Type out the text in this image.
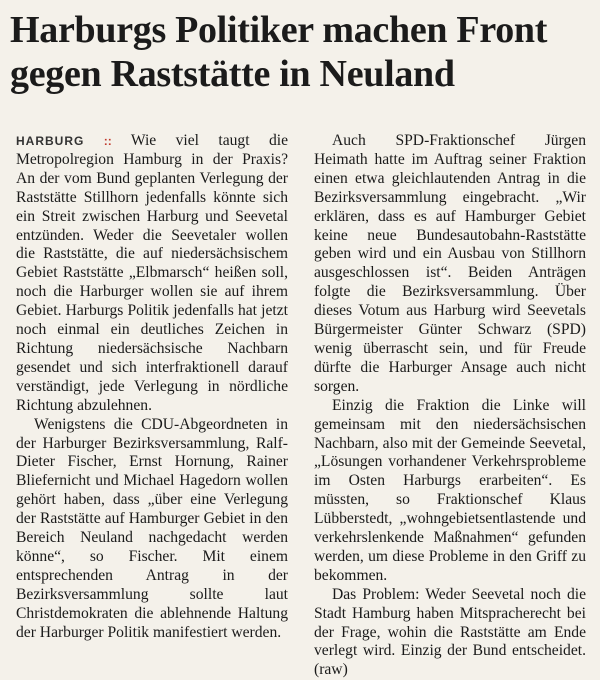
Harburgs Politiker machen Front
gegen Raststätte in Neuland

HARBURG :: Wie viel taugt die Metropolregion Hamburg in der Praxis? An der vom Bund geplanten Verlegung der Raststätte Stillhorn jedenfalls könnte sich ein Streit zwischen Harburg und Seevetal entzünden. Weder die Seevetaler wollen die Raststätte, die auf niedersächsischem Gebiet Raststätte „Elbmarsch“ heißen soll, noch die Harburger wollen sie auf ihrem Gebiet. Harburgs Politik jedenfalls hat jetzt noch einmal ein deutliches Zeichen in Richtung niedersächsische Nachbarn gesendet und sich interfraktionell darauf verständigt, jede Verlegung in nördliche Richtung abzulehnen.

Wenigstens die CDU-Abgeordneten in der Harburger Bezirksversammlung, Ralf-Dieter Fischer, Ernst Hornung, Rainer Bliefernicht und Michael Hagedorn wollen gehört haben, dass „über eine Verlegung der Raststätte auf Hamburger Gebiet in den Bereich Neuland nachgedacht werden könne“, so Fischer. Mit einem entsprechenden Antrag in der Bezirksversammlung sollte laut Christdemokraten die ablehnende Haltung der Harburger Politik manifestiert werden.

Auch SPD-Fraktionschef Jürgen Heimath hatte im Auftrag seiner Fraktion einen etwa gleichlautenden Antrag in die Bezirksversammlung eingebracht. „Wir erklären, dass es auf Hamburger Gebiet keine neue Bundesautobahn-Raststätte geben wird und ein Ausbau von Stillhorn ausgeschlossen ist“. Beiden Anträgen folgte die Bezirksversammlung. Über dieses Votum aus Harburg wird Seevetals Bürgermeister Günter Schwarz (SPD) wenig überrascht sein, und für Freude dürfte die Harburger Ansage auch nicht sorgen.

Einzig die Fraktion die Linke will gemeinsam mit den niedersächsischen Nachbarn, also mit der Gemeinde Seevetal, „Lösungen vorhandener Verkehrsprobleme im Osten Harburgs erarbeiten“. Es müssten, so Fraktionschef Klaus Lübberstedt, „wohngebietsentlastende und verkehrslenkende Maßnahmen“ gefunden werden, um diese Probleme in den Griff zu bekommen.

Das Problem: Weder Seevetal noch die Stadt Hamburg haben Mitspracherecht bei der Frage, wohin die Raststätte am Ende verlegt wird. Einzig der Bund entscheidet. (raw)
